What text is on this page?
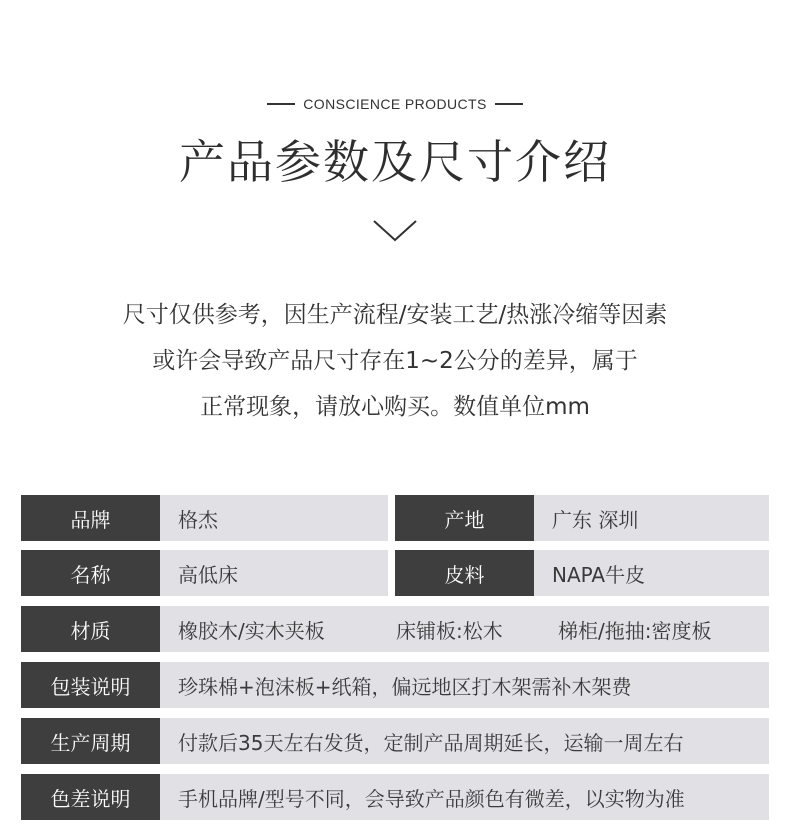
CONSCIENCE PRODUCTS
产品参数及尺寸介绍
尺寸仅供参考，因生产流程/安装工艺/热涨冷缩等因素
或许会导致产品尺寸存在1~2公分的差异，属于
正常现象，请放心购买。数值单位mm
品牌	格杰	产地	广东 深圳
名称	高低床	皮料	NAPA牛皮
材质	橡胶木/实木夹板	床铺板:松木	梯柜/拖抽:密度板
包装说明	珍珠棉+泡沫板+纸箱，偏远地区打木架需补木架费
生产周期	付款后35天左右发货，定制产品周期延长，运输一周左右
色差说明	手机品牌/型号不同，会导致产品颜色有微差，以实物为准
